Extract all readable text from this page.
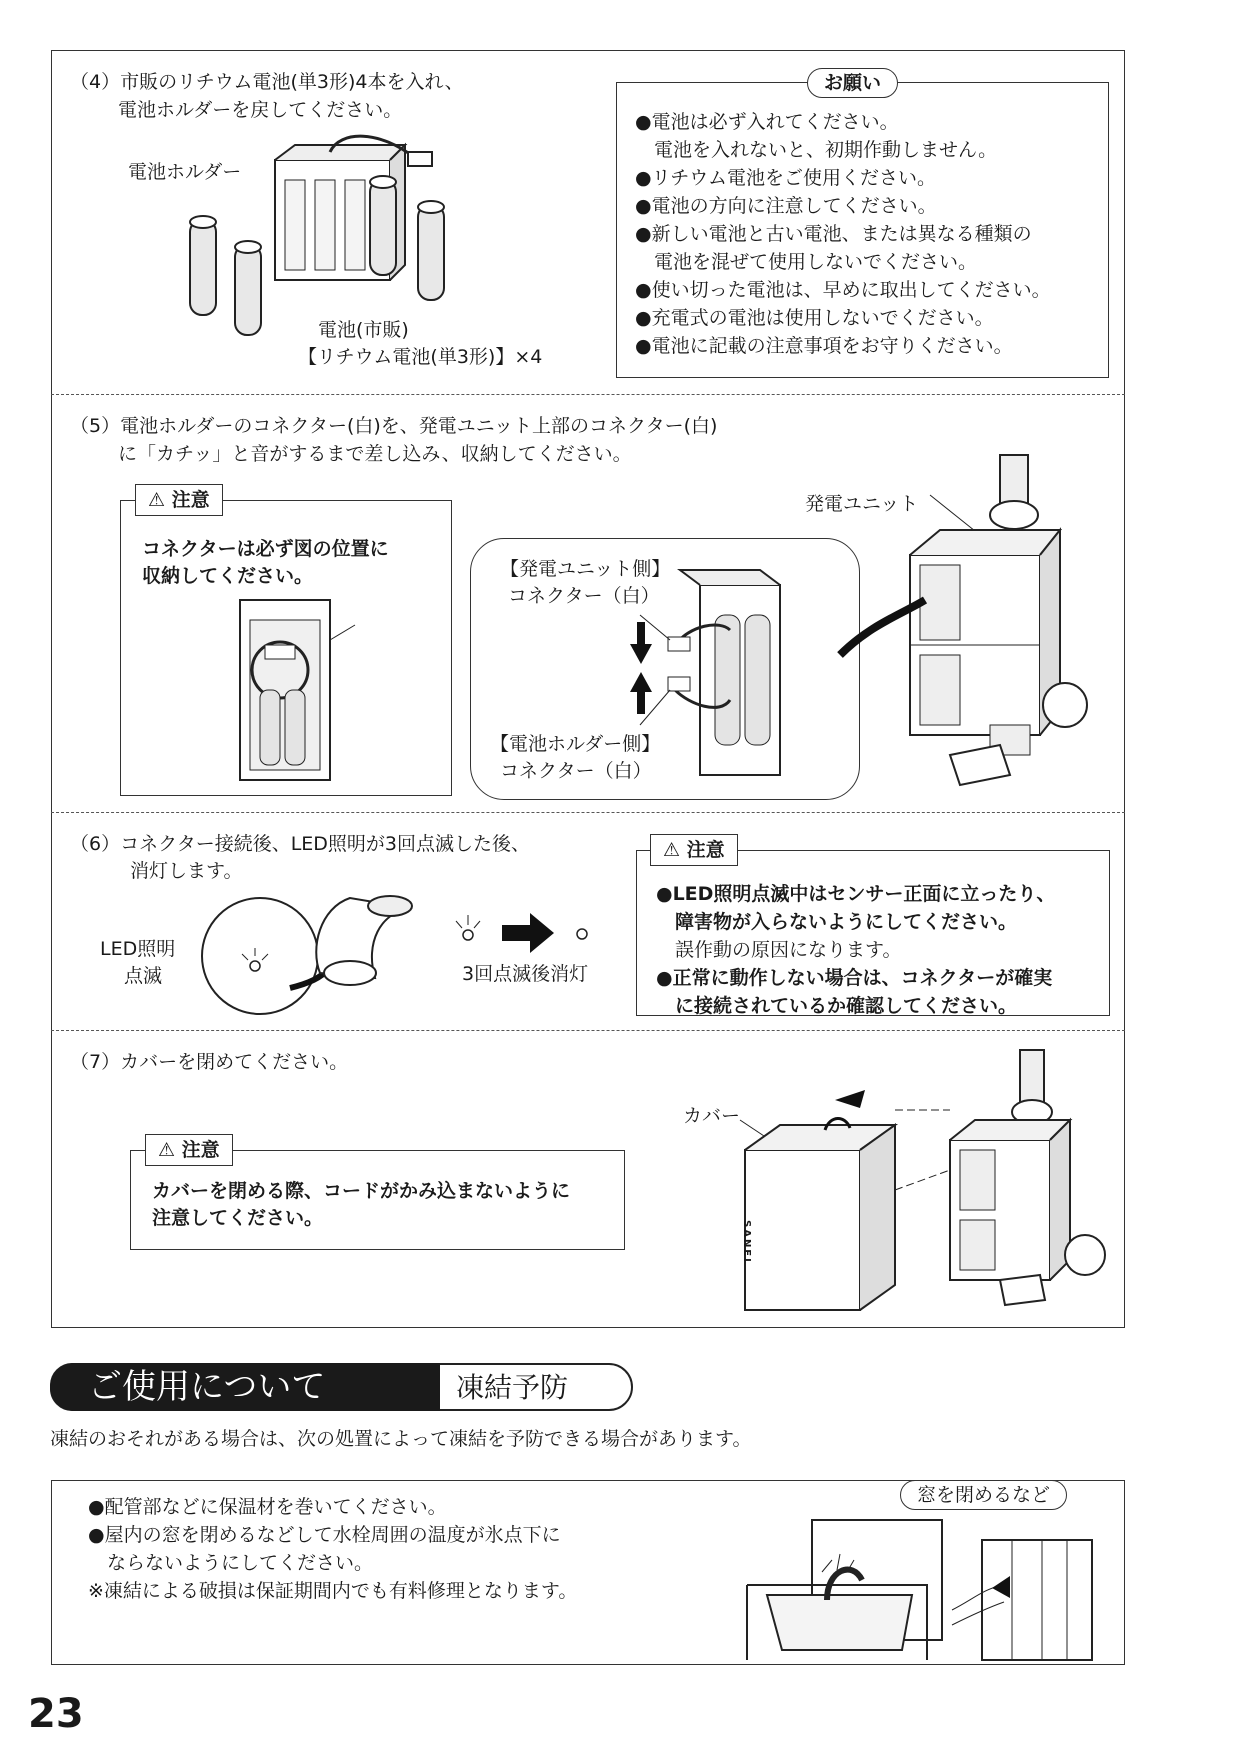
（4）市販のリチウム電池(単3形)4本を入れ、
電池ホルダーを戻してください。
電池ホルダー
電池(市販)
【リチウム電池(単3形)】×4
お願い
●電池は必ず入れてください。
　電池を入れないと、初期作動しません。
●リチウム電池をご使用ください。
●電池の方向に注意してください。
●新しい電池と古い電池、または異なる種類の
　電池を混ぜて使用しないでください。
●使い切った電池は、早めに取出してください。
●充電式の電池は使用しないでください。
●電池に記載の注意事項をお守りください。
（5）電池ホルダーのコネクター(白)を、発電ユニット上部のコネクター(白)
に「カチッ」と音がするまで差し込み、収納してください。
⚠ 注意
コネクターは必ず図の位置に
収納してください。	【発電ユニット側】
コネクター（白）
【電池ホルダー側】
コネクター（白）
発電ユニット
（6）コネクター接続後、LED照明が3回点滅した後、
消灯します。
LED照明
点滅	3回点滅後消灯
⚠ 注意
●LED照明点滅中はセンサー正面に立ったり、
　障害物が入らないようにしてください。
　誤作動の原因になります。
●正常に動作しない場合は、コネクターが確実
　に接続されているか確認してください。
（7）カバーを閉めてください。
⚠ 注意
カバーを閉める際、コードがかみ込まないように
注意してください。
カバー
SANEI
ご使用について	凍結予防
凍結のおそれがある場合は、次の処置によって凍結を予防できる場合があります。
●配管部などに保温材を巻いてください。
●屋内の窓を閉めるなどして水栓周囲の温度が氷点下に
　ならないようにしてください。
※凍結による破損は保証期間内でも有料修理となります。
窓を閉めるなど
23
